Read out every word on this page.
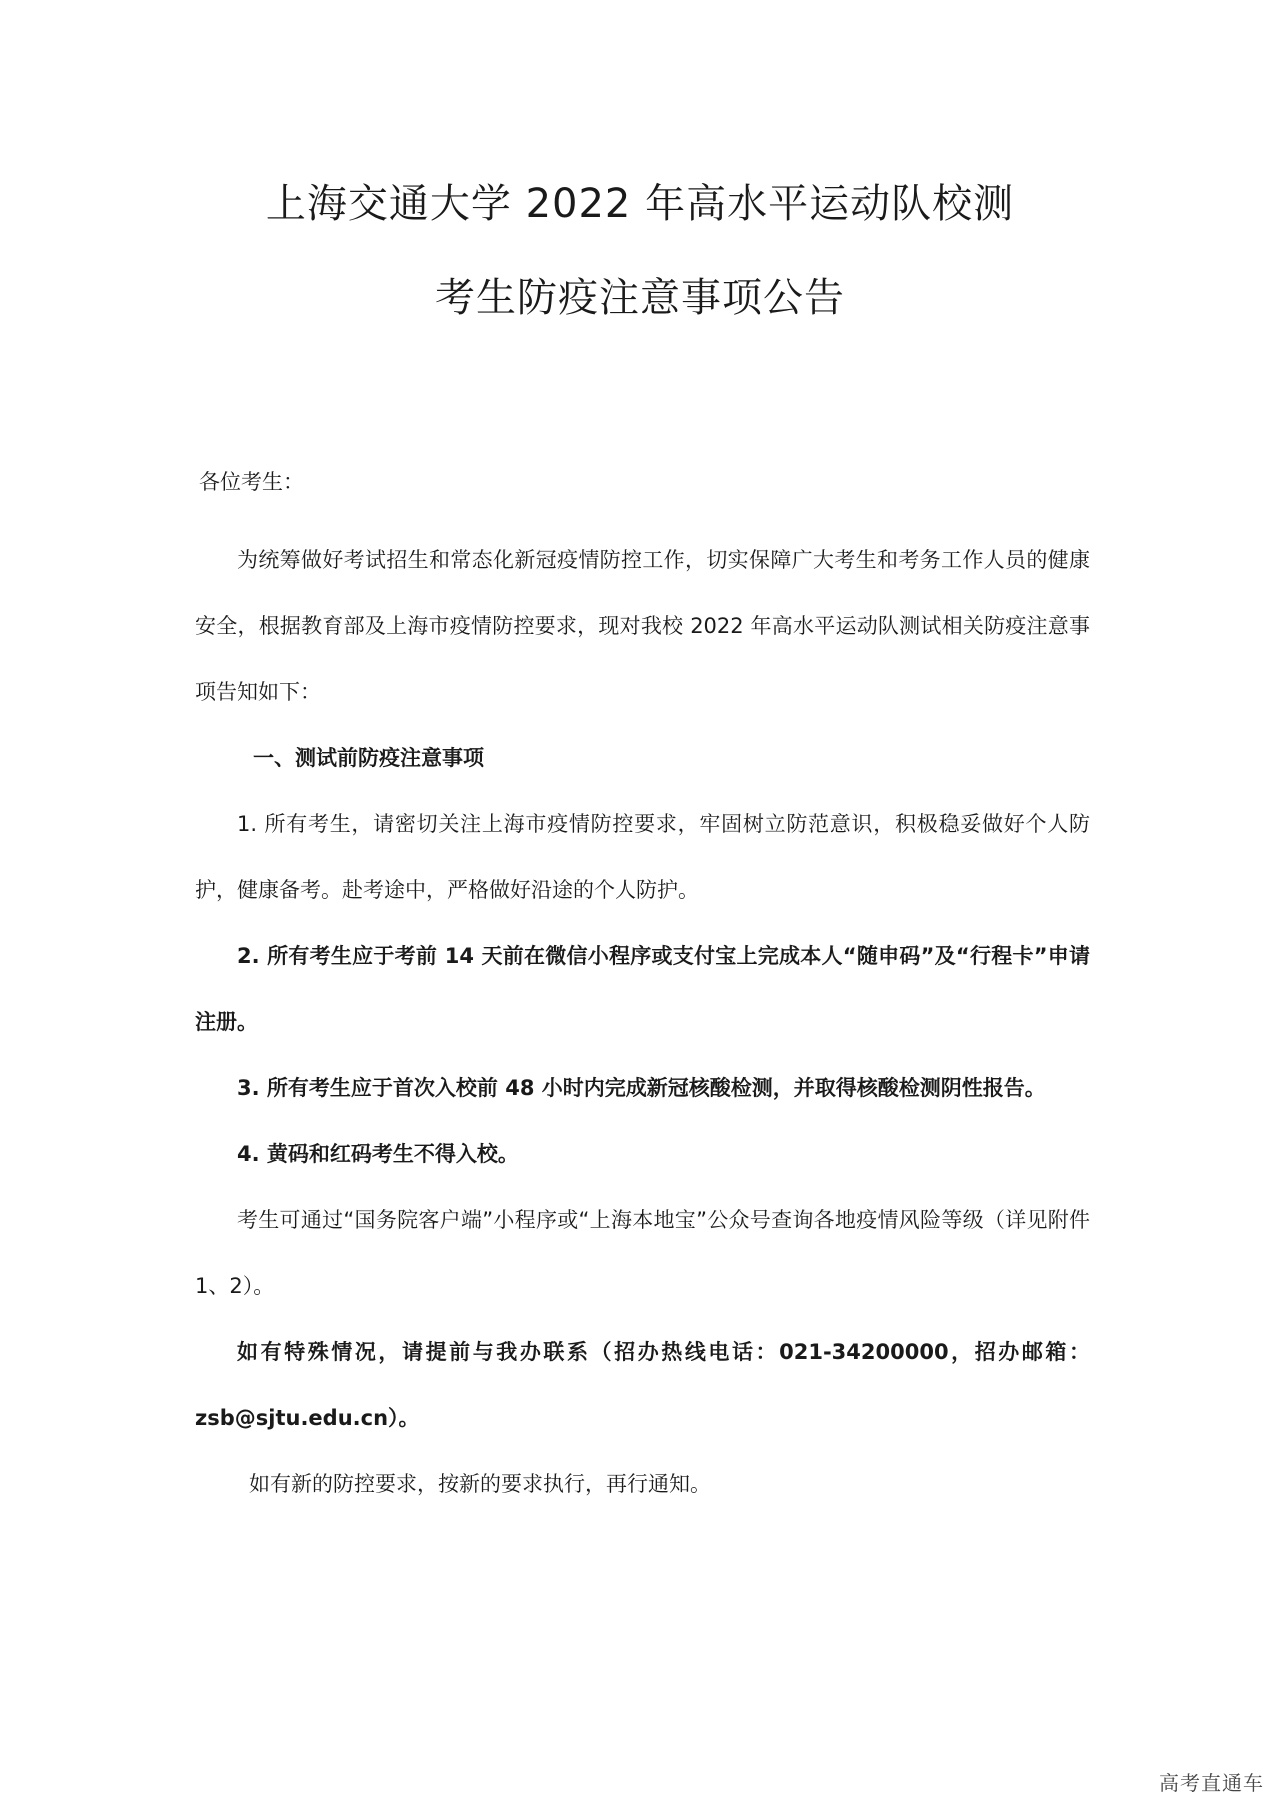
上海交通大学 2022 年高水平运动队校测
考生防疫注意事项公告

各位考生：

为统筹做好考试招生和常态化新冠疫情防控工作，切实保障广大考生和考务工作人员的健康安全，根据教育部及上海市疫情防控要求，现对我校 2022 年高水平运动队测试相关防疫注意事项告知如下：

一、测试前防疫注意事项

1. 所有考生，请密切关注上海市疫情防控要求，牢固树立防范意识，积极稳妥做好个人防护，健康备考。赴考途中，严格做好沿途的个人防护。

2. 所有考生应于考前 14 天前在微信小程序或支付宝上完成本人“随申码”及“行程卡”申请注册。

3. 所有考生应于首次入校前 48 小时内完成新冠核酸检测，并取得核酸检测阴性报告。

4. 黄码和红码考生不得入校。

考生可通过“国务院客户端”小程序或“上海本地宝”公众号查询各地疫情风险等级（详见附件 1、2）。

如有特殊情况，请提前与我办联系（招办热线电话：021-34200000，招办邮箱：zsb@sjtu.edu.cn）。

如有新的防控要求，按新的要求执行，再行通知。

高考直通车
